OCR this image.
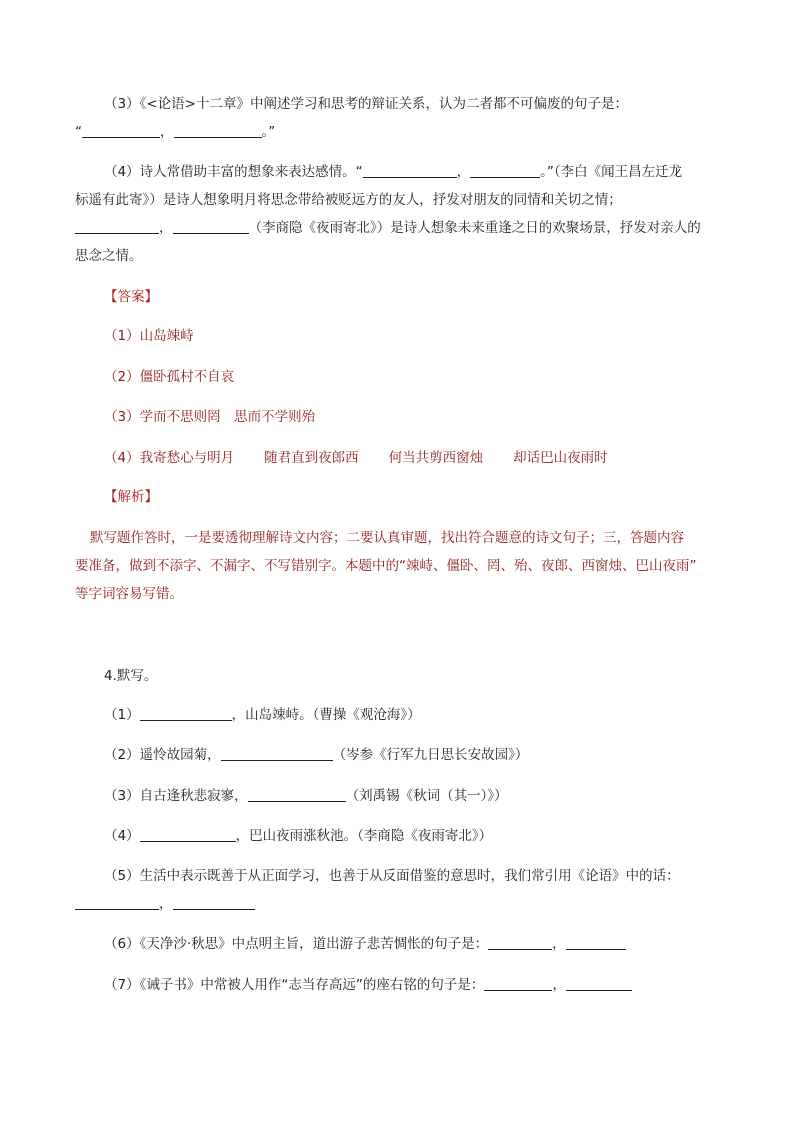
（3）《<论语>十二章》中阐述学习和思考的辩证关系，认为二者都不可偏废的句子是：
“	，	。”
（4）诗人常借助丰富的想象来表达感情。“	，	。”（李白《闻王昌左迁龙
标遥有此寄》）是诗人想象明月将思念带给被贬远方的友人，抒发对朋友的同情和关切之情；
，	（李商隐《夜雨寄北》）是诗人想象未来重逢之日的欢聚场景，抒发对亲人的
思念之情。
【答案】
（1）山岛竦峙
（2）僵卧孤村不自哀
（3）学而不思则罔　思而不学则殆
（4）我寄愁心与明月 随君直到夜郎西 何当共剪西窗烛 却话巴山夜雨时
【解析】
默写题作答时，一是要透彻理解诗文内容；二要认真审题，找出符合题意的诗文句子；三，答题内容
要准备，做到不添字、不漏字、不写错别字。本题中的“竦峙、僵卧、罔、殆、夜郎、西窗烛、巴山夜雨”
等字词容易写错。
4.默写。
（1）	，山岛竦峙。（曹操《观沧海》）
（2）遥怜故园菊，	（岑参《行军九日思长安故园》）
（3）自古逢秋悲寂寥，	（刘禹锡《秋词（其一）》）
（4）	，巴山夜雨涨秋池。（李商隐《夜雨寄北》）
（5）生活中表示既善于从正面学习，也善于从反面借鉴的意思时，我们常引用《论语》中的话：
，
（6）《天净沙·秋思》中点明主旨，道出游子悲苦惆怅的句子是：	，
（7）《诫子书》中常被人用作“志当存高远”的座右铭的句子是：	，
